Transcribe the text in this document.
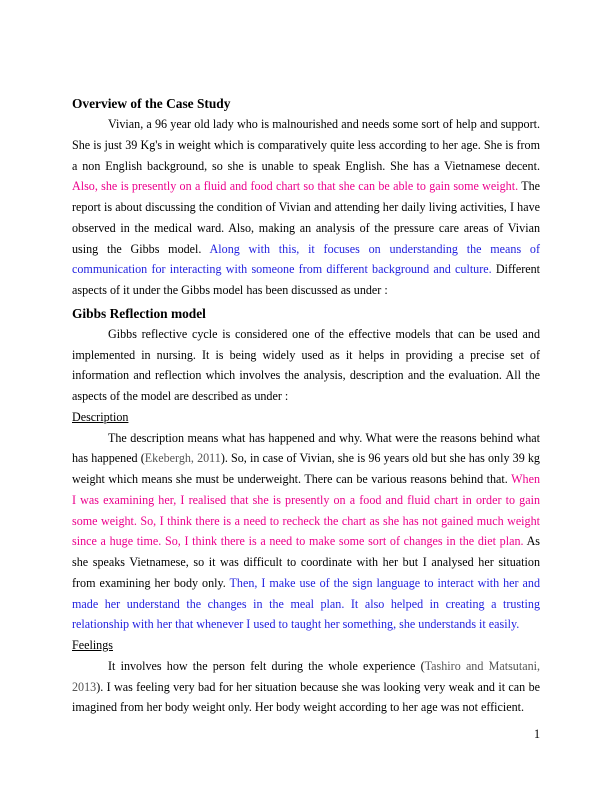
Overview of the Case Study

Vivian, a 96 year old lady who is malnourished and needs some sort of help and support. She is just 39 Kg's in weight which is comparatively quite less according to her age. She is from a non English background, so she is unable to speak English. She has a Vietnamese decent. Also, she is presently on a fluid and food chart so that she can be able to gain some weight. The report is about discussing the condition of Vivian and attending her daily living activities, I have observed in the medical ward. Also, making an analysis of the pressure care areas of Vivian using the Gibbs model. Along with this, it focuses on understanding the means of communication for interacting with someone from different background and culture. Different aspects of it under the Gibbs model has been discussed as under :

Gibbs Reflection model

Gibbs reflective cycle is considered one of the effective models that can be used and implemented in nursing. It is being widely used as it helps in providing a precise set of information and reflection which involves the analysis, description and the evaluation. All the aspects of the model are described as under :

Description

The description means what has happened and why. What were the reasons behind what has happened (Ekebergh, 2011). So, in case of Vivian, she is 96 years old but she has only 39 kg weight which means she must be underweight. There can be various reasons behind that. When I was examining her, I realised that she is presently on a food and fluid chart in order to gain some weight. So, I think there is a need to recheck the chart as she has not gained much weight since a huge time. So, I think there is a need to make some sort of changes in the diet plan. As she speaks Vietnamese, so it was difficult to coordinate with her but I analysed her situation from examining her body only. Then, I make use of the sign language to interact with her and made her understand the changes in the meal plan. It also helped in creating a trusting relationship with her that whenever I used to taught her something, she understands it easily.

Feelings

It involves how the person felt during the whole experience (Tashiro and Matsutani, 2013). I was feeling very bad for her situation because she was looking very weak and it can be imagined from her body weight only. Her body weight according to her age was not efficient.

1
